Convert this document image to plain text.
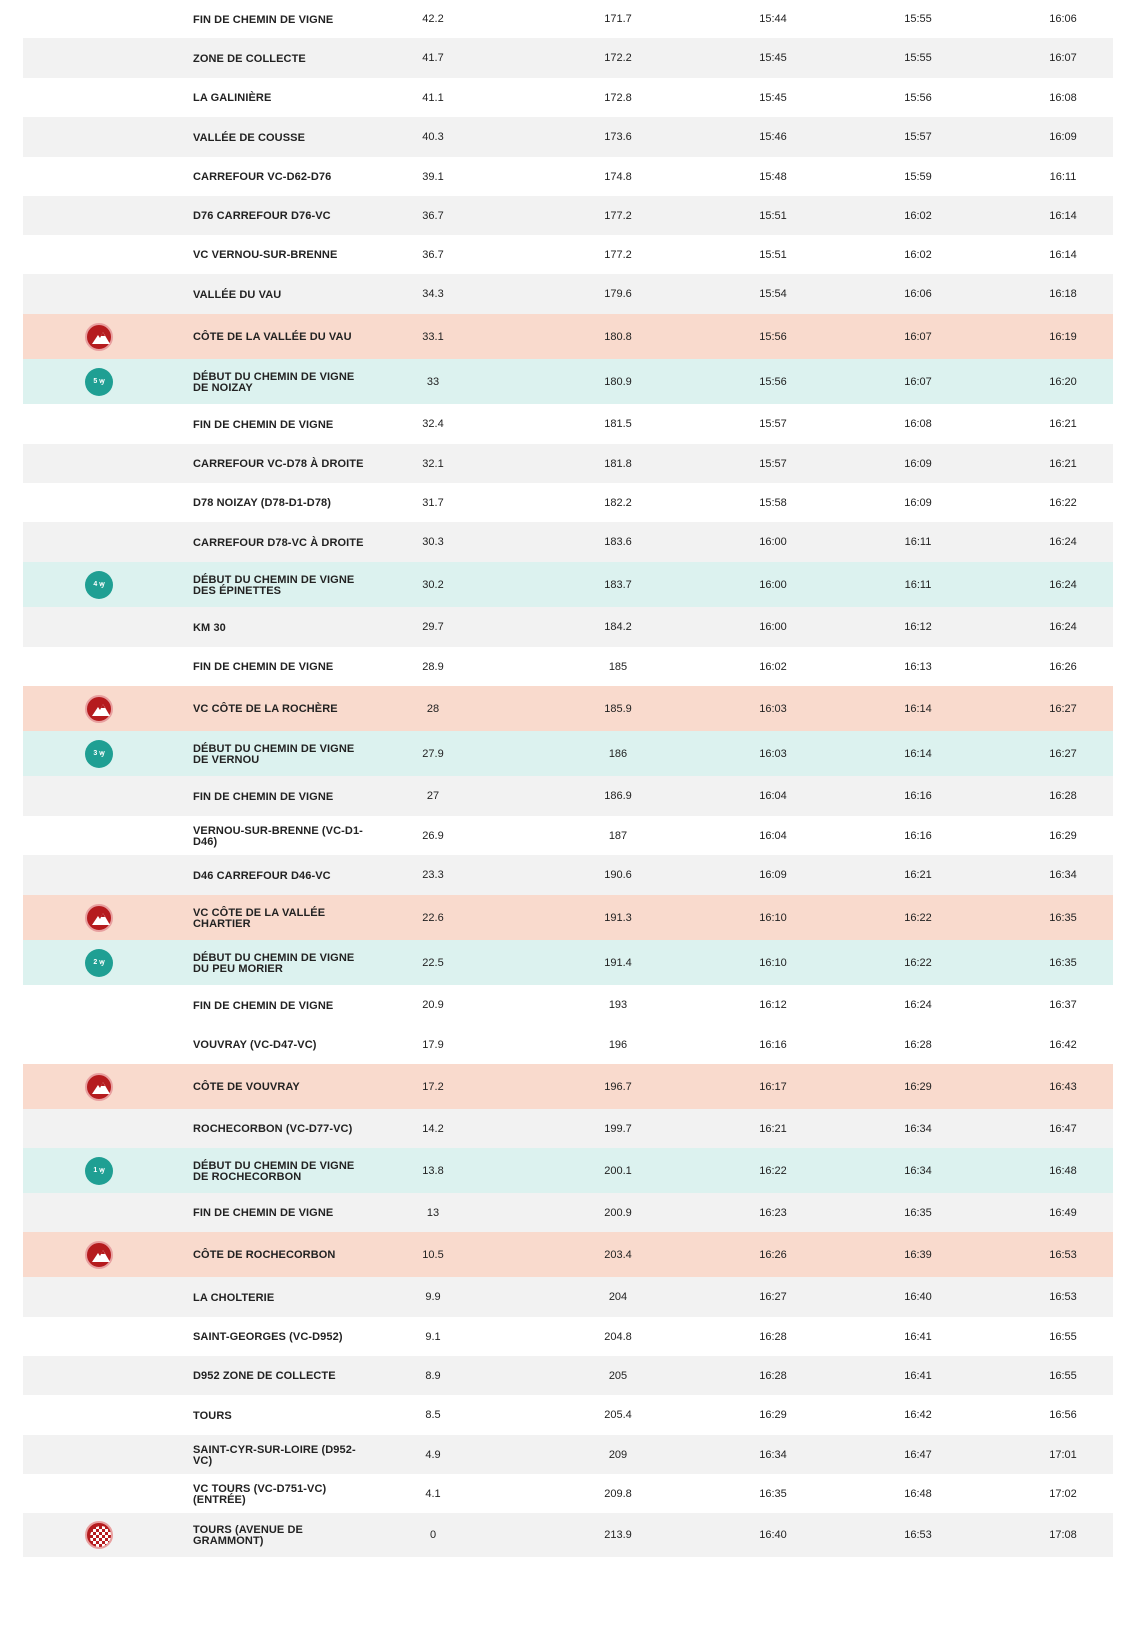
FIN DE CHEMIN DE VIGNE	42.2	171.7	15:44	15:55	16:06
ZONE DE COLLECTE	41.7	172.2	15:45	15:55	16:07
LA GALINIÈRE	41.1	172.8	15:45	15:56	16:08
VALLÉE DE COUSSE	40.3	173.6	15:46	15:57	16:09
CARREFOUR VC-D62-D76	39.1	174.8	15:48	15:59	16:11
D76 CARREFOUR D76-VC	36.7	177.2	15:51	16:02	16:14
VC VERNOU-SUR-BRENNE	36.7	177.2	15:51	16:02	16:14
VALLÉE DU VAU	34.3	179.6	15:54	16:06	16:18
CÔTE DE LA VALLÉE DU VAU	33.1	180.8	15:56	16:07	16:19
5 ꝡ	DÉBUT DU CHEMIN DE VIGNE DE NOIZAY	33	180.9	15:56	16:07	16:20
FIN DE CHEMIN DE VIGNE	32.4	181.5	15:57	16:08	16:21
CARREFOUR VC-D78 À DROITE	32.1	181.8	15:57	16:09	16:21
D78 NOIZAY (D78-D1-D78)	31.7	182.2	15:58	16:09	16:22
CARREFOUR D78-VC À DROITE	30.3	183.6	16:00	16:11	16:24
4 ꝡ	DÉBUT DU CHEMIN DE VIGNE DES ÉPINETTES	30.2	183.7	16:00	16:11	16:24
KM 30	29.7	184.2	16:00	16:12	16:24
FIN DE CHEMIN DE VIGNE	28.9	185	16:02	16:13	16:26
VC CÔTE DE LA ROCHÈRE	28	185.9	16:03	16:14	16:27
3 ꝡ	DÉBUT DU CHEMIN DE VIGNE DE VERNOU	27.9	186	16:03	16:14	16:27
FIN DE CHEMIN DE VIGNE	27	186.9	16:04	16:16	16:28
VERNOU-SUR-BRENNE (VC-D1-D46)	26.9	187	16:04	16:16	16:29
D46 CARREFOUR D46-VC	23.3	190.6	16:09	16:21	16:34
VC CÔTE DE LA VALLÉE CHARTIER	22.6	191.3	16:10	16:22	16:35
2 ꝡ	DÉBUT DU CHEMIN DE VIGNE DU PEU MORIER	22.5	191.4	16:10	16:22	16:35
FIN DE CHEMIN DE VIGNE	20.9	193	16:12	16:24	16:37
VOUVRAY (VC-D47-VC)	17.9	196	16:16	16:28	16:42
CÔTE DE VOUVRAY	17.2	196.7	16:17	16:29	16:43
ROCHECORBON (VC-D77-VC)	14.2	199.7	16:21	16:34	16:47
1 ꝡ	DÉBUT DU CHEMIN DE VIGNE DE ROCHECORBON	13.8	200.1	16:22	16:34	16:48
FIN DE CHEMIN DE VIGNE	13	200.9	16:23	16:35	16:49
CÔTE DE ROCHECORBON	10.5	203.4	16:26	16:39	16:53
LA CHOLTERIE	9.9	204	16:27	16:40	16:53
SAINT-GEORGES (VC-D952)	9.1	204.8	16:28	16:41	16:55
D952 ZONE DE COLLECTE	8.9	205	16:28	16:41	16:55
TOURS	8.5	205.4	16:29	16:42	16:56
SAINT-CYR-SUR-LOIRE (D952-VC)	4.9	209	16:34	16:47	17:01
VC TOURS (VC-D751-VC) (ENTRÉE)	4.1	209.8	16:35	16:48	17:02
TOURS (AVENUE DE GRAMMONT)	0	213.9	16:40	16:53	17:08
